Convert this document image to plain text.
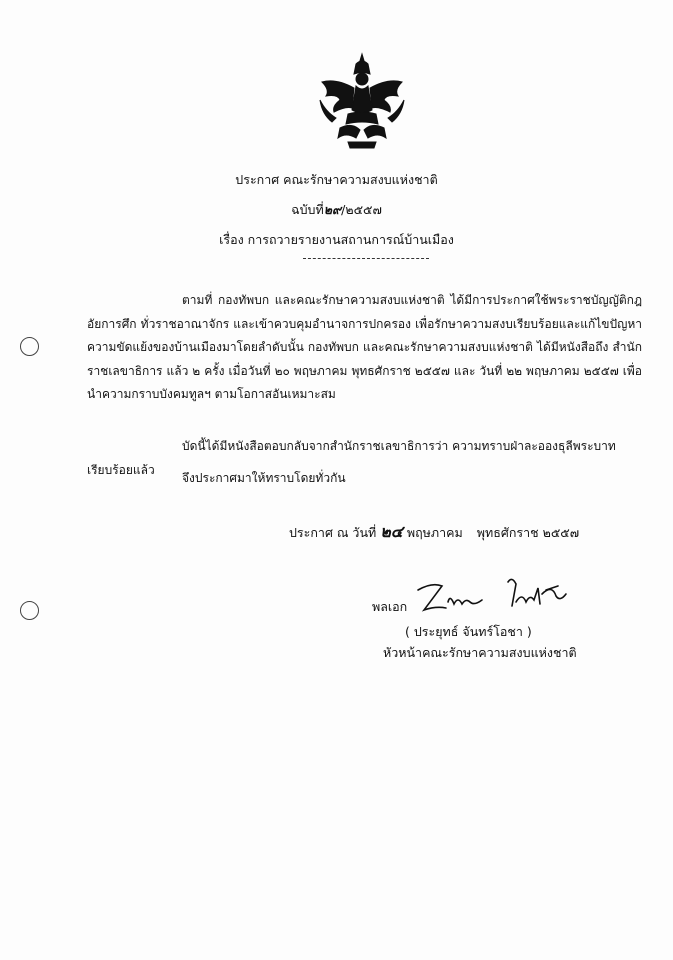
ประกาศ คณะรักษาความสงบแห่งชาติ
ฉบับที่๒๙/๒๕๕๗
เรื่อง การถวายรายงานสถานการณ์บ้านเมือง

ตามที่ กองทัพบก และคณะรักษาความสงบแห่งชาติ ได้มีการประกาศใช้พระราชบัญญัติกฎอัยการศึก ทั่วราชอาณาจักร และเข้าควบคุมอำนาจการปกครอง เพื่อรักษาความสงบเรียบร้อยและแก้ไขปัญหาความขัดแย้งของบ้านเมืองมาโดยลำดับนั้น กองทัพบก และคณะรักษาความสงบแห่งชาติ ได้มีหนังสือถึง สำนักราชเลขาธิการ แล้ว ๒ ครั้ง เมื่อวันที่ ๒๐ พฤษภาคม พุทธศักราช ๒๕๕๗ และ วันที่ ๒๒ พฤษภาคม ๒๕๕๗ เพื่อนำความกราบบังคมทูลฯ ตามโอกาสอันเหมาะสม

บัดนี้ได้มีหนังสือตอบกลับจากสำนักราชเลขาธิการว่า ความทราบฝ่าละอองธุลีพระบาทเรียบร้อยแล้ว

จึงประกาศมาให้ทราบโดยทั่วกัน

ประกาศ ณ วันที่ ๒๔ พฤษภาคม พุทธศักราช ๒๕๕๗
พลเอก
( ประยุทธ์ จันทร์โอชา )
หัวหน้าคณะรักษาความสงบแห่งชาติ
